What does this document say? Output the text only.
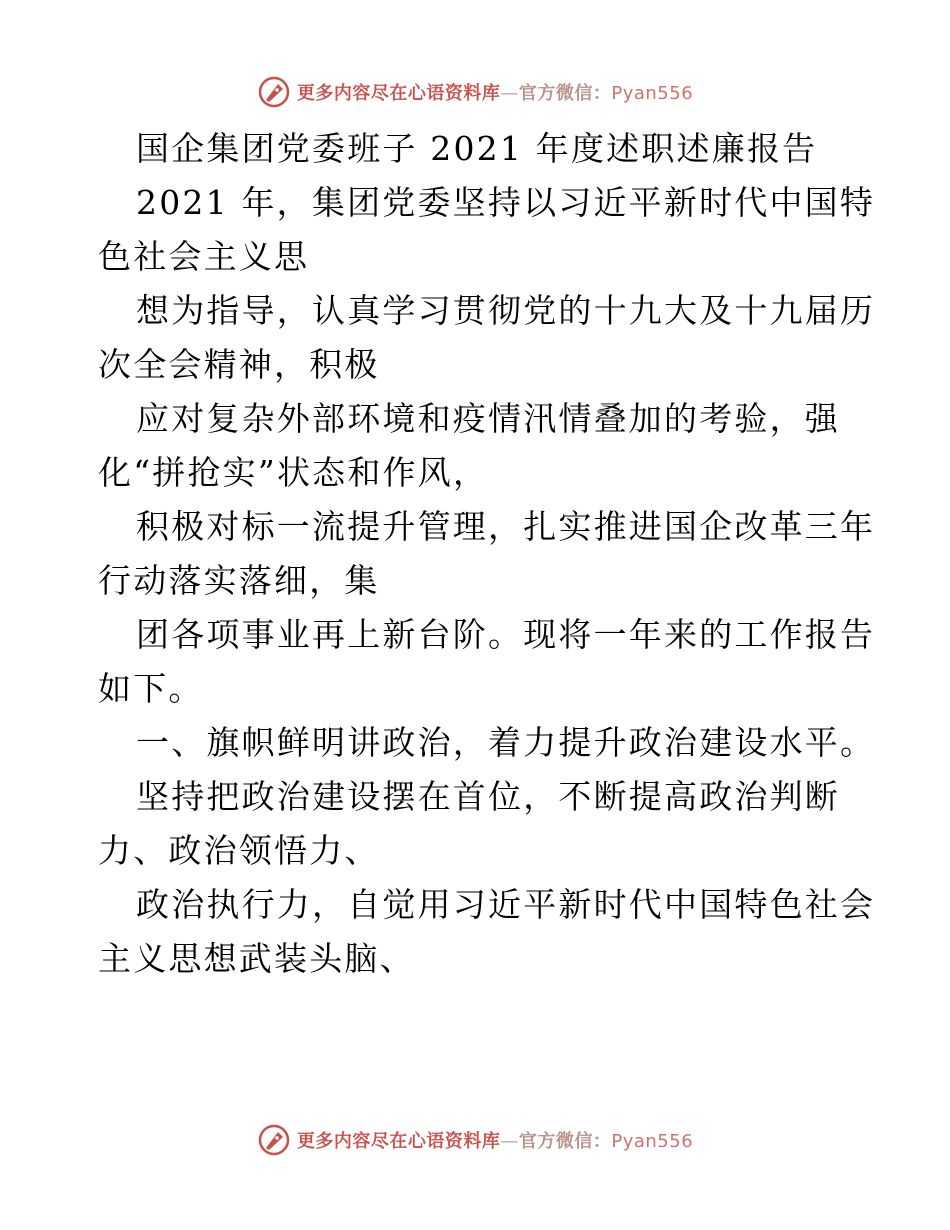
更多内容尽在心语资料库—官方微信：Pyan556
国企集团党委班子 2021 年度述职述廉报告
2021 年，集团党委坚持以习近平新时代中国特
色社会主义思
想为指导，认真学习贯彻党的十九大及十九届历
次全会精神，积极
应对复杂外部环境和疫情汛情叠加的考验，强
化“拼抢实”状态和作风，
积极对标一流提升管理，扎实推进国企改革三年
行动落实落细，集
团各项事业再上新台阶。现将一年来的工作报告
如下。
一、旗帜鲜明讲政治，着力提升政治建设水平。
坚持把政治建设摆在首位，不断提高政治判断
力、政治领悟力、
政治执行力，自觉用习近平新时代中国特色社会
主义思想武装头脑、
更多内容尽在心语资料库—官方微信：Pyan556
